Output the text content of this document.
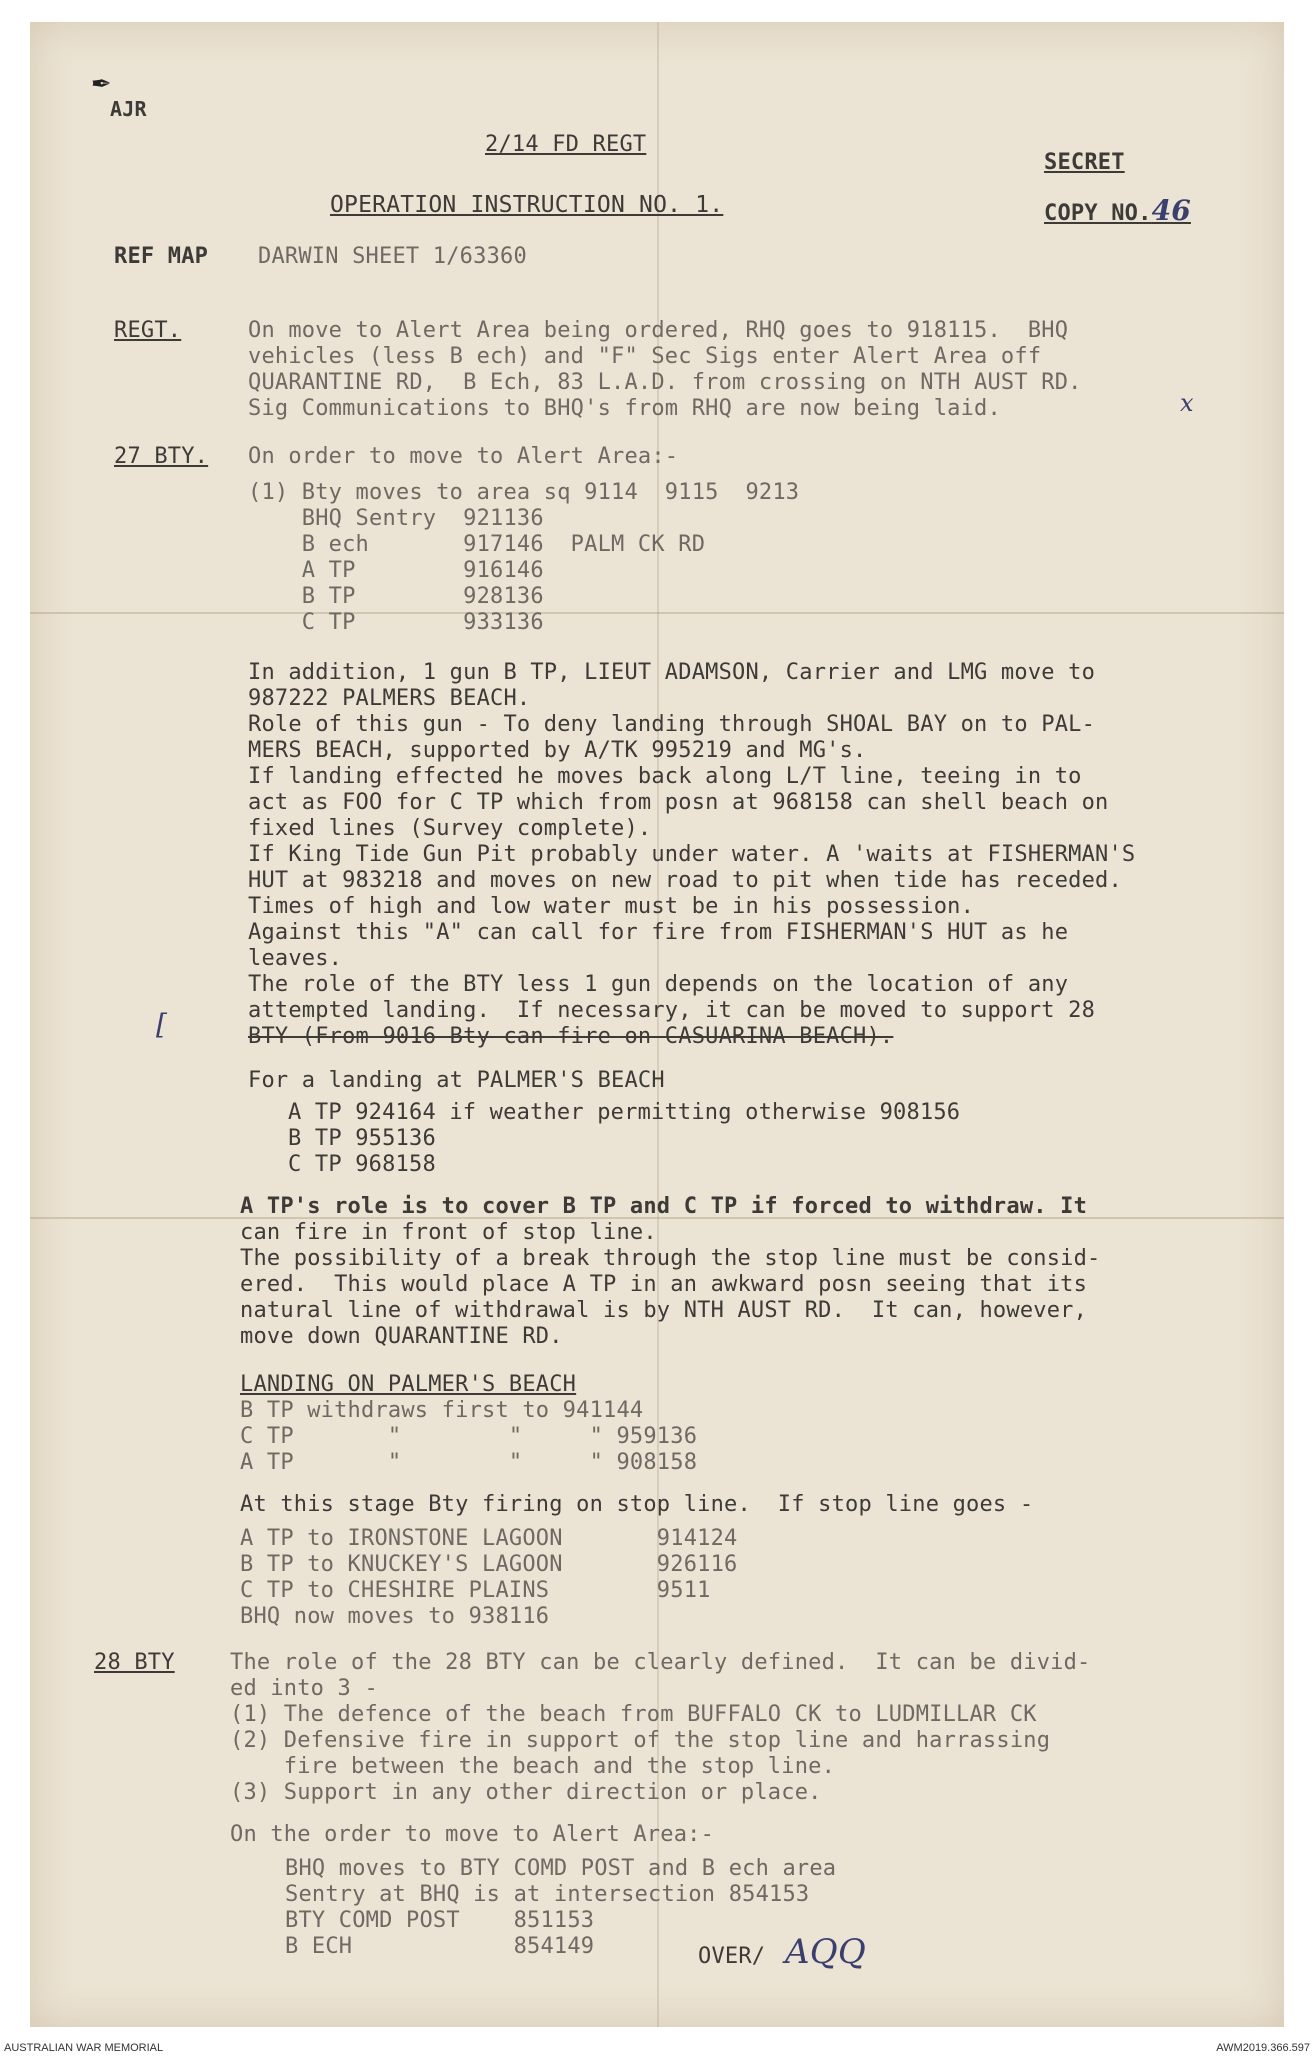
✒
AJR
2/14 FD REGT
SECRET
OPERATION INSTRUCTION NO. 1.	COPY NO.46
REF MAP DARWIN SHEET 1/63360
REGT.	On move to Alert Area being ordered, RHQ goes to 918115.  BHQ
vehicles (less B ech) and "F" Sec Sigs enter Alert Area off
QUARANTINE RD,  B Ech, 83 L.A.D. from crossing on NTH AUST RD.
Sig Communications to BHQ's from RHQ are now being laid.	x
27 BTY. On order to move to Alert Area:-
(1) Bty moves to area sq 9114  9115  9213
BHQ Sentry  921136
B ech       917146  PALM CK RD
A TP        916146
B TP        928136
C TP        933136
In addition, 1 gun B TP, LIEUT ADAMSON, Carrier and LMG move to
987222 PALMERS BEACH.
Role of this gun - To deny landing through SHOAL BAY on to PAL-
MERS BEACH, supported by A/TK 995219 and MG's.
If landing effected he moves back along L/T line, teeing in to
act as FOO for C TP which from posn at 968158 can shell beach on
fixed lines (Survey complete).
If King Tide Gun Pit probably under water. A 'waits at FISHERMAN'S
HUT at 983218 and moves on new road to pit when tide has receded.
Times of high and low water must be in his possession.
Against this "A" can call for fire from FISHERMAN'S HUT as he
leaves.
The role of the BTY less 1 gun depends on the location of any
attempted landing.  If necessary, it can be moved to support 28
BTY (From 9016 Bty can fire on CASUARINA BEACH).
[
For a landing at PALMER'S BEACH
A TP 924164 if weather permitting otherwise 908156
B TP 955136
C TP 968158
A TP's role is to cover B TP and C TP if forced to withdraw. It
can fire in front of stop line.
The possibility of a break through the stop line must be consid-
ered.  This would place A TP in an awkward posn seeing that its
natural line of withdrawal is by NTH AUST RD.  It can, however,
move down QUARANTINE RD.
LANDING ON PALMER'S BEACH
B TP withdraws first to 941144
C TP       "        "     " 959136
A TP       "        "     " 908158
At this stage Bty firing on stop line.  If stop line goes -
A TP to IRONSTONE LAGOON       914124
B TP to KNUCKEY'S LAGOON       926116
C TP to CHESHIRE PLAINS        9511
BHQ now moves to 938116
28 BTY	The role of the 28 BTY can be clearly defined.  It can be divid-
ed into 3 -
(1) The defence of the beach from BUFFALO CK to LUDMILLAR CK
(2) Defensive fire in support of the stop line and harrassing
fire between the beach and the stop line.
(3) Support in any other direction or place.
On the order to move to Alert Area:-
BHQ moves to BTY COMD POST and B ech area
Sentry at BHQ is at intersection 854153
BTY COMD POST    851153
B ECH            854149	OVER/ AQQ
AUSTRALIAN WAR MEMORIAL	AWM2019.366.597
